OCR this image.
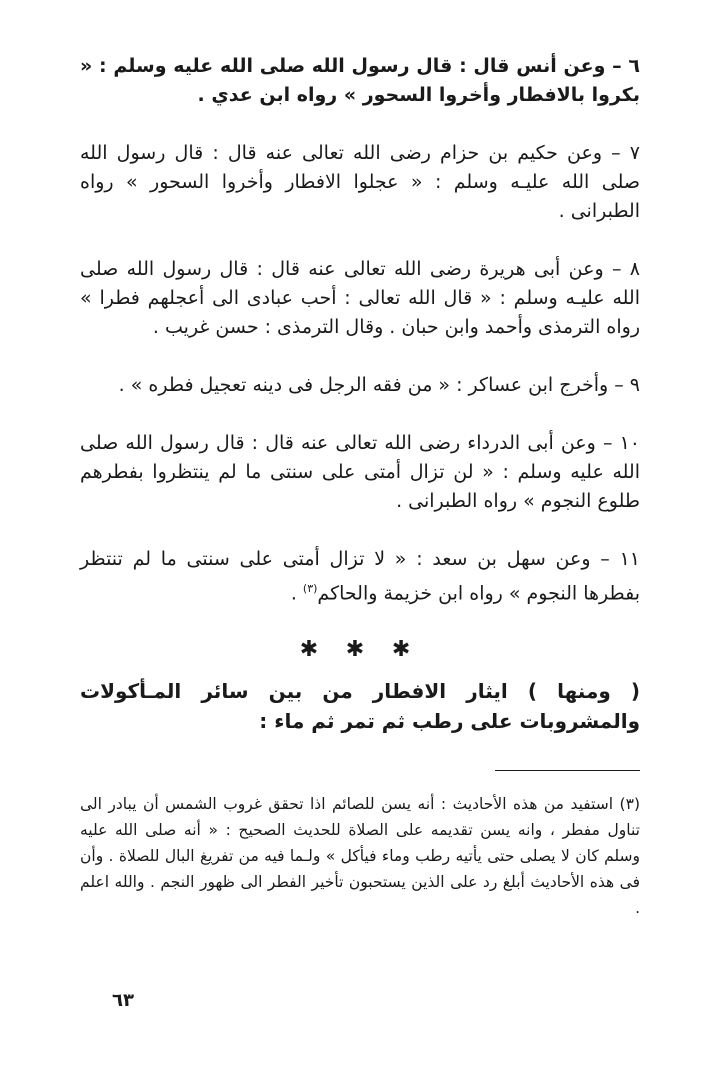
٦ – وعن أنس قال : قال رسول الله صلى الله عليه وسلم : « بكروا بالافطار وأخروا السحور » رواه ابن عدي .

٧ – وعن حكيم بن حزام رضى الله تعالى عنه قال : قال رسول الله صلى الله عليـه وسلم : « عجلوا الافطار وأخروا السحور » رواه الطبرانى .

٨ – وعن أبى هريرة رضى الله تعالى عنه قال : قال رسول الله صلى الله عليـه وسلم : « قال الله تعالى : أحب عبادى الى أعجلهم فطرا » رواه الترمذى وأحمد وابن حبان . وقال الترمذى : حسن غريب .

٩ – وأخرج ابن عساكر : « من فقه الرجل فى دينه تعجيل فطره » .

١٠ – وعن أبى الدرداء رضى الله تعالى عنه قال : قال رسول الله صلى الله عليه وسلم : « لن تزال أمتى على سنتى ما لم ينتظروا بفطرهم طلوع النجوم » رواه الطبرانى .

١١ – وعن سهل بن سعد : « لا تزال أمتى على سنتى ما لم تنتظر بفطرها النجوم » رواه ابن خزيمة والحاكم$^{(٣)}$ .

✱ ✱ ✱

( ومنها ) ايثار الافطار من بين سائر المـأكولات والمشروبات على رطب ثم تمر ثم ماء :

(٣) استفيد من هذه الأحاديث : أنه يسن للصائم اذا تحقق غروب الشمس أن يبادر الى تناول مفطر ، وانه يسن تقديمه على الصلاة للحديث الصحيح : « أنه صلى الله عليه وسلم كان لا يصلى حتى يأتيه رطب وماء فيأكل » ولـما فيه من تفريغ البال للصلاة . وأن فى هذه الأحاديث أبلغ رد على الذين يستحبون تأخير الفطر الى ظهور النجم . والله اعلم .

٦٣
